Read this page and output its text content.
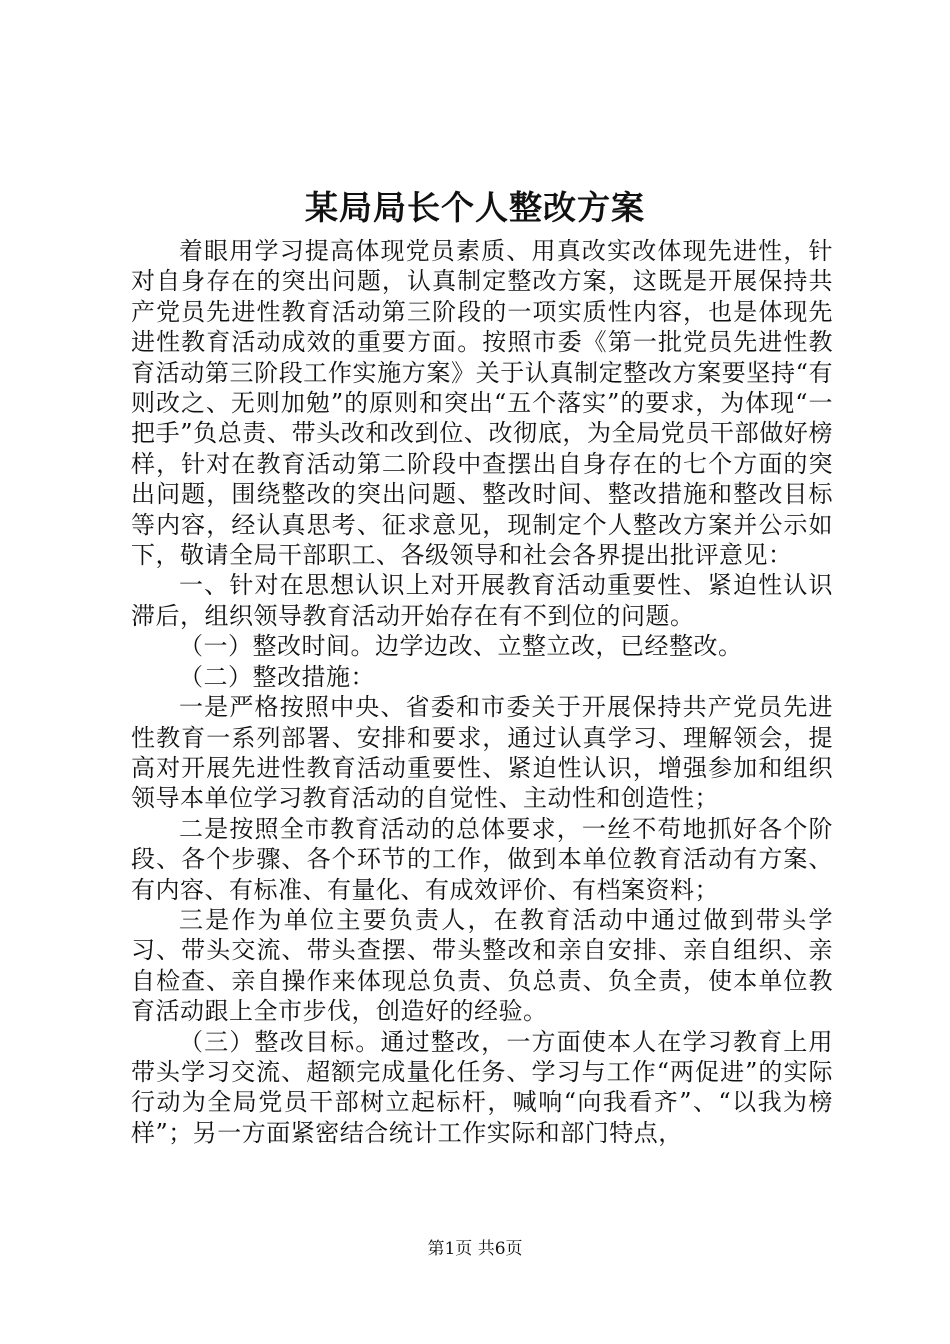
某局局长个人整改方案

着眼用学习提高体现党员素质、用真改实改体现先进性，针对自身存在的突出问题，认真制定整改方案，这既是开展保持共产党员先进性教育活动第三阶段的一项实质性内容，也是体现先进性教育活动成效的重要方面。按照市委《第一批党员先进性教育活动第三阶段工作实施方案》关于认真制定整改方案要坚持“有则改之、无则加勉”的原则和突出“五个落实”的要求，为体现“一把手”负总责、带头改和改到位、改彻底，为全局党员干部做好榜样，针对在教育活动第二阶段中查摆出自身存在的七个方面的突出问题，围绕整改的突出问题、整改时间、整改措施和整改目标等内容，经认真思考、征求意见，现制定个人整改方案并公示如下，敬请全局干部职工、各级领导和社会各界提出批评意见：

一、针对在思想认识上对开展教育活动重要性、紧迫性认识滞后，组织领导教育活动开始存在有不到位的问题。

（一）整改时间。边学边改、立整立改，已经整改。

（二）整改措施：

一是严格按照中央、省委和市委关于开展保持共产党员先进性教育一系列部署、安排和要求，通过认真学习、理解领会，提高对开展先进性教育活动重要性、紧迫性认识，增强参加和组织领导本单位学习教育活动的自觉性、主动性和创造性；

二是按照全市教育活动的总体要求，一丝不苟地抓好各个阶段、各个步骤、各个环节的工作，做到本单位教育活动有方案、有内容、有标准、有量化、有成效评价、有档案资料；

三是作为单位主要负责人，在教育活动中通过做到带头学习、带头交流、带头查摆、带头整改和亲自安排、亲自组织、亲自检查、亲自操作来体现总负责、负总责、负全责，使本单位教育活动跟上全市步伐，创造好的经验。

（三）整改目标。通过整改，一方面使本人在学习教育上用带头学习交流、超额完成量化任务、学习与工作“两促进”的实际行动为全局党员干部树立起标杆，喊响“向我看齐”、“以我为榜样”；另一方面紧密结合统计工作实际和部门特点，

第1页 共6页
